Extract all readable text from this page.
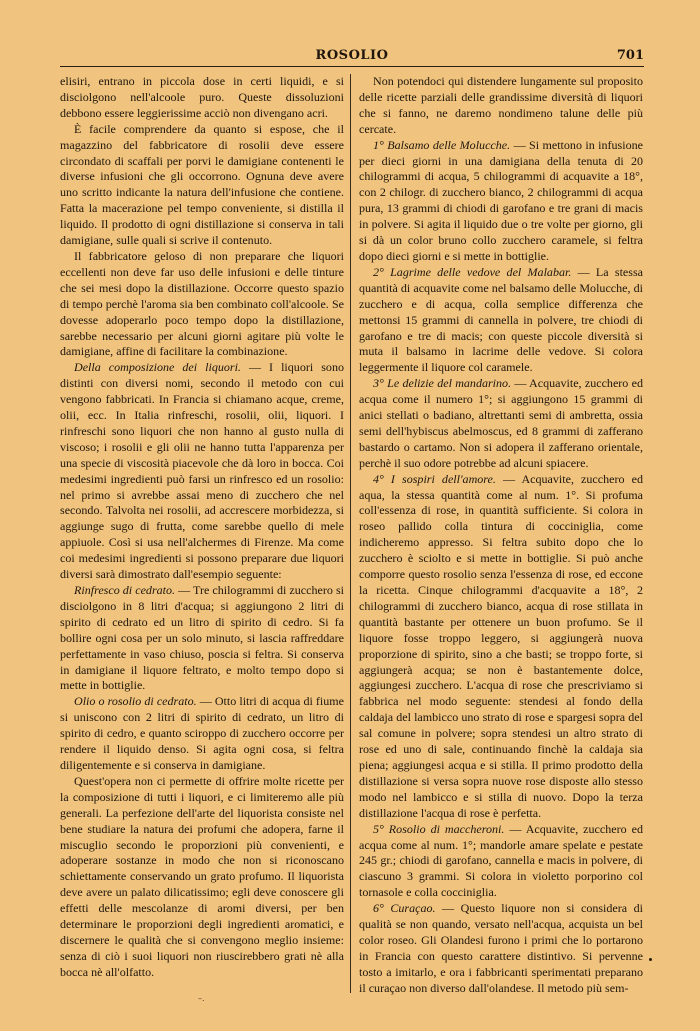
ROSOLIO	701

elisiri, entrano in piccola dose in certi liquidi, e si disciolgono nell'alcoole puro. Queste dissoluzioni debbono essere leggierissime acciò non divengano acri.

È facile comprendere da quanto si espose, che il magazzino del fabbricatore di rosolii deve essere circondato di scaffali per porvi le damigiane contenenti le diverse infusioni che gli occorrono. Ognuna deve avere uno scritto indicante la natura dell'infusione che contiene. Fatta la macerazione pel tempo conveniente, si distilla il liquido. Il prodotto di ogni distillazione si conserva in tali damigiane, sulle quali si scrive il contenuto.

Il fabbricatore geloso di non preparare che liquori eccellenti non deve far uso delle infusioni e delle tinture che sei mesi dopo la distillazione. Occorre questo spazio di tempo perchè l'aroma sia ben combinato coll'alcoole. Se dovesse adoperarlo poco tempo dopo la distillazione, sarebbe necessario per alcuni giorni agitare più volte le damigiane, affine di facilitare la combinazione.

Della composizione dei liquori. — I liquori sono distinti con diversi nomi, secondo il metodo con cui vengono fabbricati. In Francia si chiamano acque, creme, olii, ecc. In Italia rinfreschi, rosolii, olii, liquori. I rinfreschi sono liquori che non hanno al gusto nulla di viscoso; i rosolii e gli olii ne hanno tutta l'apparenza per una specie di viscosità piacevole che dà loro in bocca. Coi medesimi ingredienti può farsi un rinfresco ed un rosolio: nel primo si avrebbe assai meno di zucchero che nel secondo. Talvolta nei rosolii, ad accrescere morbidezza, si aggiunge sugo di frutta, come sarebbe quello di mele appiuole. Così si usa nell'alchermes di Firenze. Ma come coi medesimi ingredienti si possono preparare due liquori diversi sarà dimostrato dall'esempio seguente:

Rinfresco di cedrato. — Tre chilogrammi di zucchero si disciolgono in 8 litri d'acqua; si aggiungono 2 litri di spirito di cedrato ed un litro di spirito di cedro. Si fa bollire ogni cosa per un solo minuto, si lascia raffreddare perfettamente in vaso chiuso, poscia si feltra. Si conserva in damigiane il liquore feltrato, e molto tempo dopo si mette in bottiglie.

Olio o rosolio di cedrato. — Otto litri di acqua di fiume si uniscono con 2 litri di spirito di cedrato, un litro di spirito di cedro, e quanto sciroppo di zucchero occorre per rendere il liquido denso. Si agita ogni cosa, si feltra diligentemente e si conserva in damigiane.

Quest'opera non ci permette di offrire molte ricette per la composizione di tutti i liquori, e ci limiteremo alle più generali. La perfezione dell'arte del liquorista consiste nel bene studiare la natura dei profumi che adopera, farne il miscuglio secondo le proporzioni più convenienti, e adoperare sostanze in modo che non si riconoscano schiettamente conservando un grato profumo. Il liquorista deve avere un palato dilicatissimo; egli deve conoscere gli effetti delle mescolanze di aromi diversi, per ben determinare le proporzioni degli ingredienti aromatici, e discernere le qualità che si convengono meglio insieme: senza di ciò i suoi liquori non riuscirebbero grati nè alla bocca nè all'olfatto.

Non potendoci qui distendere lungamente sul proposito delle ricette parziali delle grandissime diversità di liquori che si fanno, ne daremo nondimeno talune delle più cercate.

1° Balsamo delle Molucche. — Si mettono in infusione per dieci giorni in una damigiana della tenuta di 20 chilogrammi di acqua, 5 chilogrammi di acquavite a 18°, con 2 chilogr. di zucchero bianco, 2 chilogrammi di acqua pura, 13 grammi di chiodi di garofano e tre grani di macis in polvere. Si agita il liquido due o tre volte per giorno, gli si dà un color bruno collo zucchero caramele, si feltra dopo dieci giorni e si mette in bottiglie.

2° Lagrime delle vedove del Malabar. — La stessa quantità di acquavite come nel balsamo delle Molucche, di zucchero e di acqua, colla semplice differenza che mettonsi 15 grammi di cannella in polvere, tre chiodi di garofano e tre di macis; con queste piccole diversità si muta il balsamo in lacrime delle vedove. Si colora leggermente il liquore col caramele.

3° Le delizie del mandarino. — Acquavite, zucchero ed acqua come il numero 1°; si aggiungono 15 grammi di anici stellati o badiano, altrettanti semi di ambretta, ossia semi dell'hybiscus abelmoscus, ed 8 grammi di zafferano bastardo o cartamo. Non si adopera il zafferano orientale, perchè il suo odore potrebbe ad alcuni spiacere.

4° I sospiri dell'amore. — Acquavite, zucchero ed aqua, la stessa quantità come al num. 1°. Si profuma coll'essenza di rose, in quantità sufficiente. Si colora in roseo pallido colla tintura di cocciniglia, come indicheremo appresso. Si feltra subito dopo che lo zucchero è sciolto e si mette in bottiglie. Si può anche comporre questo rosolio senza l'essenza di rose, ed eccone la ricetta. Cinque chilogrammi d'acquavite a 18°, 2 chilogrammi di zucchero bianco, acqua di rose stillata in quantità bastante per ottenere un buon profumo. Se il liquore fosse troppo leggero, si aggiungerà nuova proporzione di spirito, sino a che basti; se troppo forte, si aggiungerà acqua; se non è bastantemente dolce, aggiungesi zucchero. L'acqua di rose che prescriviamo si fabbrica nel modo seguente: stendesi al fondo della caldaja del lambicco uno strato di rose e spargesi sopra del sal comune in polvere; sopra stendesi un altro strato di rose ed uno di sale, continuando finchè la caldaja sia piena; aggiungesi acqua e si stilla. Il primo prodotto della distillazione si versa sopra nuove rose disposte allo stesso modo nel lambicco e si stilla di nuovo. Dopo la terza distillazione l'acqua di rose è perfetta.

5° Rosolio di maccheroni. — Acquavite, zucchero ed acqua come al num. 1°; mandorle amare spelate e pestate 245 gr.; chiodi di garofano, cannella e macis in polvere, di ciascuno 3 grammi. Si colora in violetto porporino col tornasole e colla cocciniglia.

6° Curaçao. — Questo liquore non si considera di qualità se non quando, versato nell'acqua, acquista un bel color roseo. Gli Olandesi furono i primi che lo portarono in Francia con questo carattere distintivo. Si pervenne tosto a imitarlo, e ora i fabbricanti sperimentati preparano il curaçao non diverso dall'olandese. Il metodo più sem-

–.
